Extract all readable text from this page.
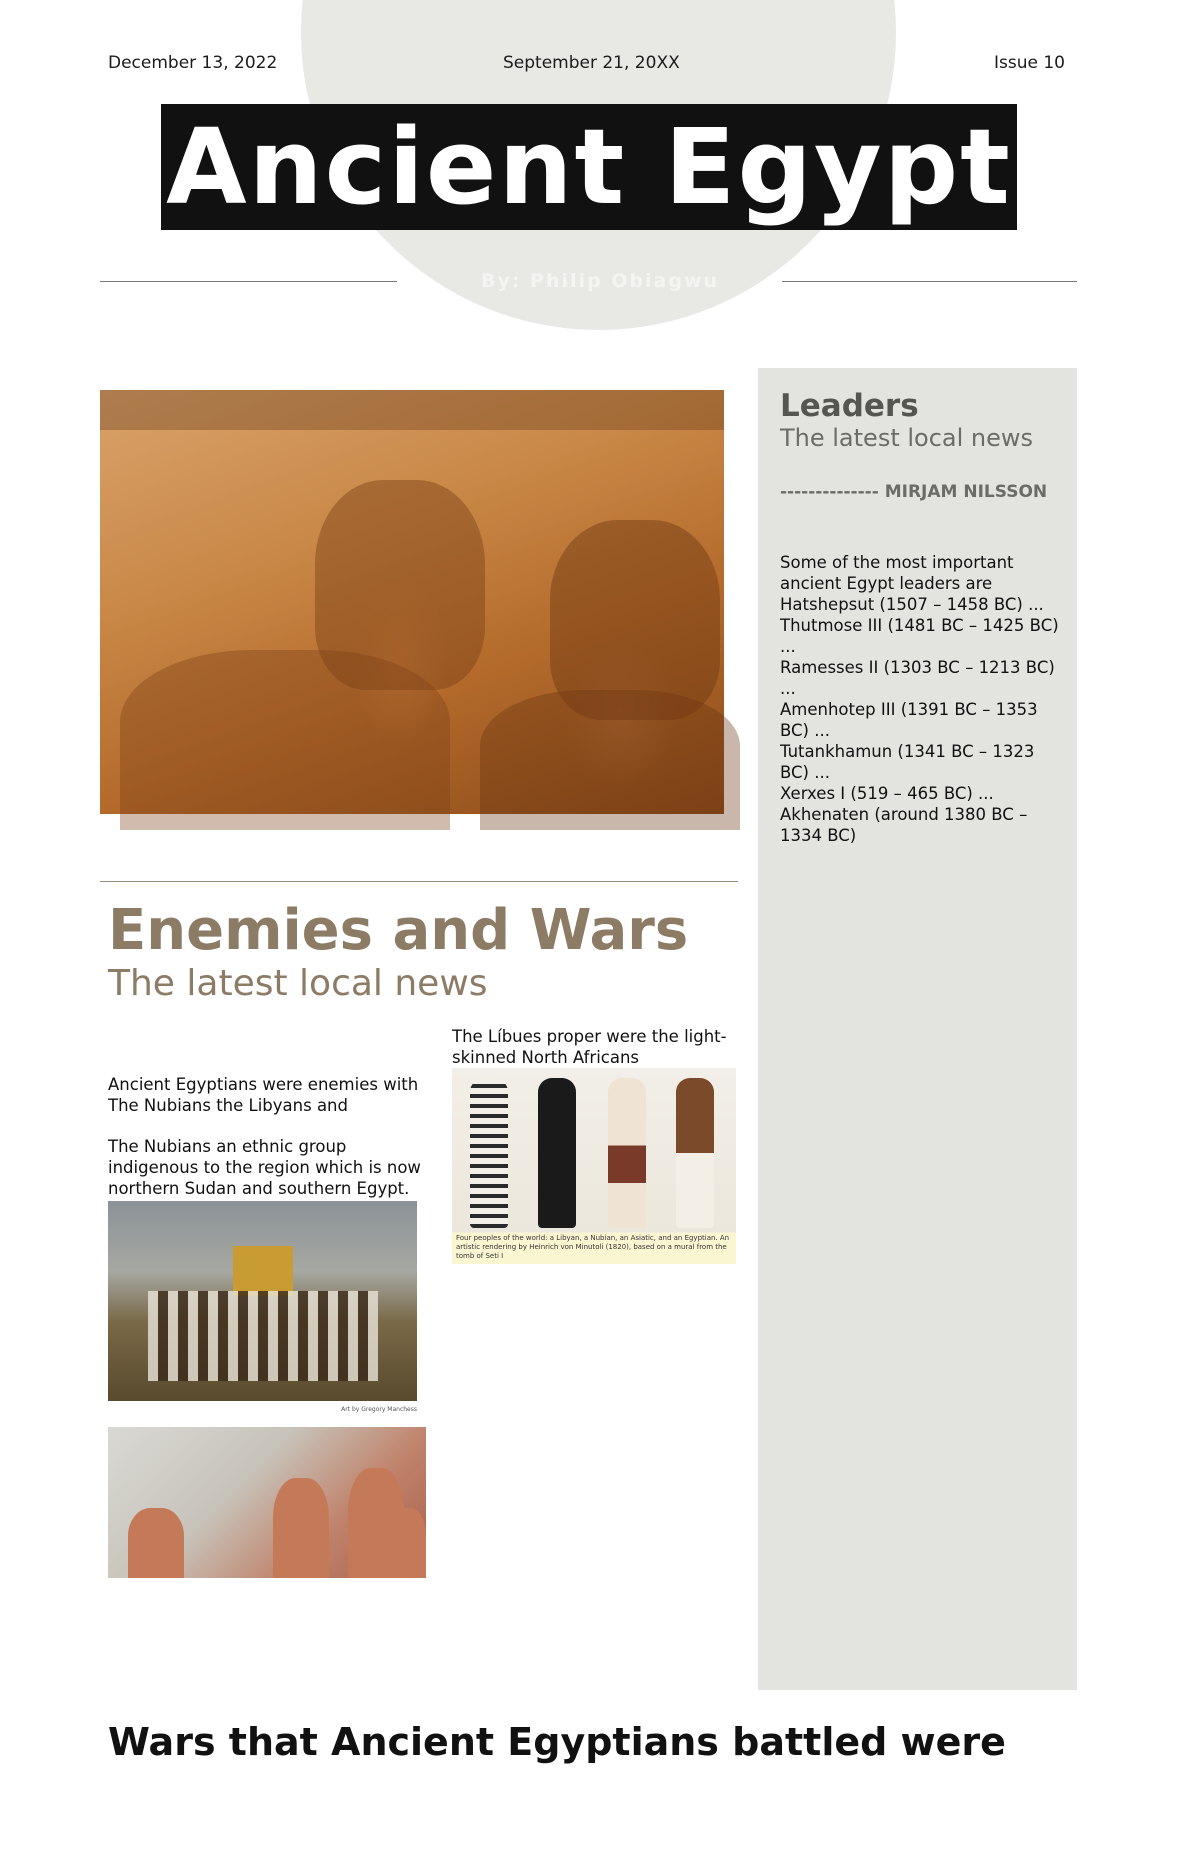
December 13, 2022	September 21, 20XX	Issue 10
Ancient Egypt
By: Philip Obiagwu
Leaders
The latest local news
-------------- MIRJAM NILSSON

Some of the most important ancient Egypt leaders are Hatshepsut (1507 – 1458 BC) ...

Thutmose III (1481 BC – 1425 BC) ...

Ramesses II (1303 BC – 1213 BC) ...

Amenhotep III (1391 BC – 1353 BC) ...

Tutankhamun (1341 BC – 1323 BC) ...

Xerxes I (519 – 465 BC) ...

Akhenaten (around 1380 BC – 1334 BC)

Enemies and Wars
The latest local news

Ancient Egyptians were enemies with The Nubians the Libyans and

The Nubians an ethnic group indigenous to the region which is now northern Sudan and southern Egypt.

The Líbues proper were the light-skinned North Africans
Art by Gregory Manchess
Four peoples of the world: a Libyan, a Nubian, an Asiatic, and an Egyptian. An artistic rendering by Heinrich von Minutoli (1820), based on a mural from the tomb of Seti I
Wars that Ancient Egyptians battled were
